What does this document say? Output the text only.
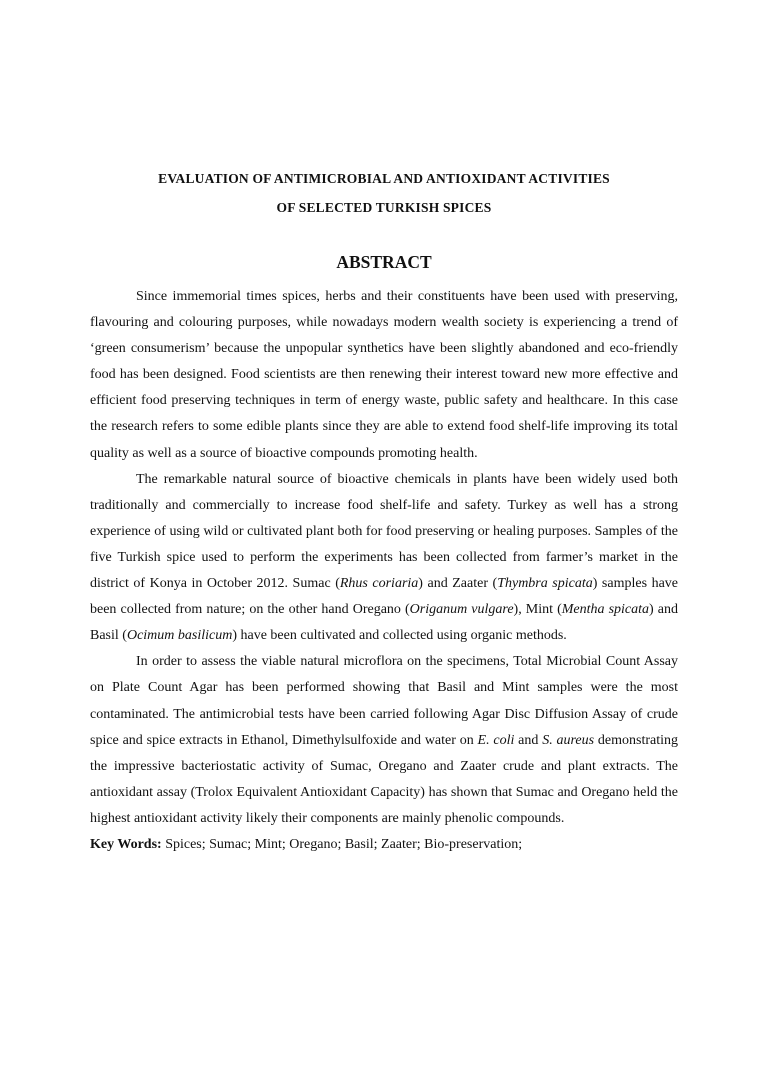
EVALUATION OF ANTIMICROBIAL AND ANTIOXIDANT ACTIVITIES
OF SELECTED TURKISH SPICES
ABSTRACT

Since immemorial times spices, herbs and their constituents have been used with preserving, flavouring and colouring purposes, while nowadays modern wealth society is experiencing a trend of ‘green consumerism’ because the unpopular synthetics have been slightly abandoned and eco-friendly food has been designed. Food scientists are then renewing their interest toward new more effective and efficient food preserving techniques in term of energy waste, public safety and healthcare. In this case the research refers to some edible plants since they are able to extend food shelf-life improving its total quality as well as a source of bioactive compounds promoting health.

The remarkable natural source of bioactive chemicals in plants have been widely used both traditionally and commercially to increase food shelf-life and safety. Turkey as well has a strong experience of using wild or cultivated plant both for food preserving or healing purposes. Samples of the five Turkish spice used to perform the experiments has been collected from farmer’s market in the district of Konya in October 2012. Sumac (Rhus coriaria) and Zaater (Thymbra spicata) samples have been collected from nature; on the other hand Oregano (Origanum vulgare), Mint (Mentha spicata) and Basil (Ocimum basilicum) have been cultivated and collected using organic methods.

In order to assess the viable natural microflora on the specimens, Total Microbial Count Assay on Plate Count Agar has been performed showing that Basil and Mint samples were the most contaminated. The antimicrobial tests have been carried following Agar Disc Diffusion Assay of crude spice and spice extracts in Ethanol, Dimethylsulfoxide and water on E. coli and S. aureus demonstrating the impressive bacteriostatic activity of Sumac, Oregano and Zaater crude and plant extracts. The antioxidant assay (Trolox Equivalent Antioxidant Capacity) has shown that Sumac and Oregano held the highest antioxidant activity likely their components are mainly phenolic compounds.

Key Words: Spices; Sumac; Mint; Oregano; Basil; Zaater; Bio-preservation;
